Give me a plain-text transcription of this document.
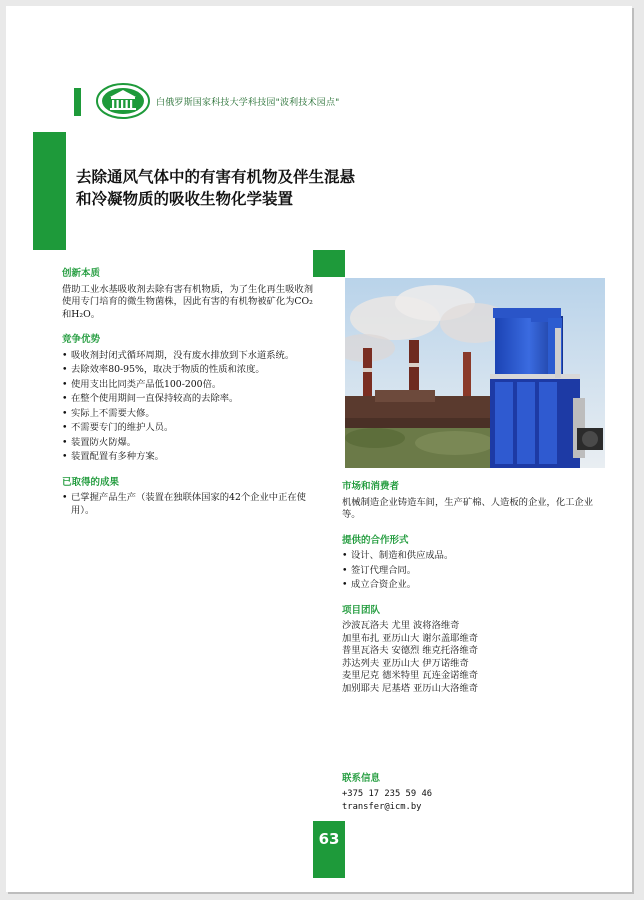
白俄罗斯国家科技大学科技园"波利技术园点"
去除通风气体中的有害有机物及伴生混悬
和冷凝物质的吸收生物化学装置
创新本质

借助工业水基吸收剂去除有害有机物质，为了生化再生吸收剂使用专门培育的微生物菌株，因此有害的有机物被矿化为CO₂和H₂O。

竞争优势
• 吸收剂封闭式循环周期，没有废水排放到下水道系统。
• 去除效率80-95%，取决于物质的性质和浓度。
• 使用支出比同类产品低100-200倍。
• 在整个使用期间一直保持较高的去除率。
• 实际上不需要大修。
• 不需要专门的维护人员。
• 装置防火防爆。
• 装置配置有多种方案。
已取得的成果
• 已掌握产品生产（装置在独联体国家的42个企业中正在使用）。
市场和消费者

机械制造企业铸造车间，生产矿棉、人造板的企业，化工企业等。

提供的合作形式
• 设计、制造和供应成品。
• 签订代理合同。
• 成立合资企业。
项目团队
沙波瓦洛夫 尤里 波将洛维奇
加里布扎 亚历山大 谢尔盖耶维奇
普里瓦洛夫 安德烈 维克托洛维奇
苏达列夫 亚历山大 伊万诺维奇
麦里尼克 德米特里 瓦连金诺维奇
加别耶夫 尼基塔 亚历山大洛维奇
联系信息
+375 17 235 59 46
transfer@icm.by
63
